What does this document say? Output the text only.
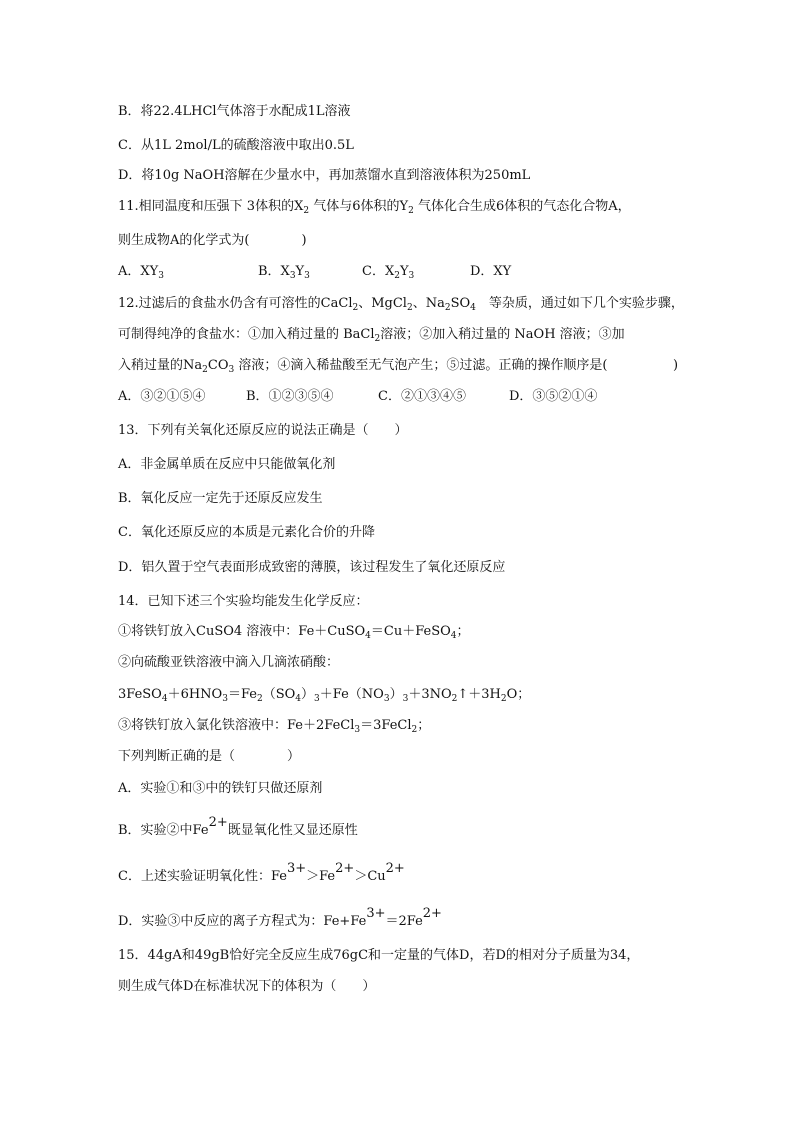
B．将22.4LHCl气体溶于水配成1L溶液
C．从1L 2mol/L的硫酸溶液中取出0.5L
D．将10g NaOH溶解在少量水中，再加蒸馏水直到溶液体积为250mL
11.相同温度和压强下 3体积的$X_2$ 气体与6体积的$Y_2$ 气体化合生成6体积的气态化合物A，
则生成物A的化学式为(　　　　)
A．$XY_3$	B．$X_3Y_3$	C．$X_2Y_3$	D．XY
12.过滤后的食盐水仍含有可溶性的CaCl$_2$、MgCl$_2$、$Na_2SO_4$　等杂质，通过如下几个实验步骤，
可制得纯净的食盐水：①加入稍过量的 BaCl$_2$溶液；②加入稍过量的 NaOH 溶液；③加
入稍过量的$Na_2CO_3$ 溶液；④滴入稀盐酸至无气泡产生；⑤过滤。正确的操作顺序是(	)
A．③②①⑤④	B．①②③⑤④	C．②①③④⑤	D．③⑤②①④
13．下列有关氧化还原反应的说法正确是（　　）
A．非金属单质在反应中只能做氧化剂
B．氧化反应一定先于还原反应发生
C．氧化还原反应的本质是元素化合价的升降
D．铝久置于空气表面形成致密的薄膜，该过程发生了氧化还原反应
14．已知下述三个实验均能发生化学反应：
①将铁钉放入CuSO4 溶液中：Fe＋CuSO$_4$＝Cu＋FeSO$_4$；
②向硫酸亚铁溶液中滴入几滴浓硝酸：
$3FeSO_4+6HNO_3=Fe_2(SO_4)_3+Fe(NO_3)_3+3NO_2↑+3H_2O$；
③将铁钉放入氯化铁溶液中：Fe＋2FeCl$_3$＝3FeCl$_2$；
下列判断正确的是（　　　　）
A．实验①和③中的铁钉只做还原剂
B．实验②中Fe2+既显氧化性又显还原性
C．上述实验证明氧化性：Fe3+＞Fe2+＞Cu2+
D．实验③中反应的离子方程式为：Fe+Fe3+＝2Fe2+
15．44gA和49gB恰好完全反应生成76gC和一定量的气体D，若D的相对分子质量为34，
则生成气体D在标准状况下的体积为（　　）
